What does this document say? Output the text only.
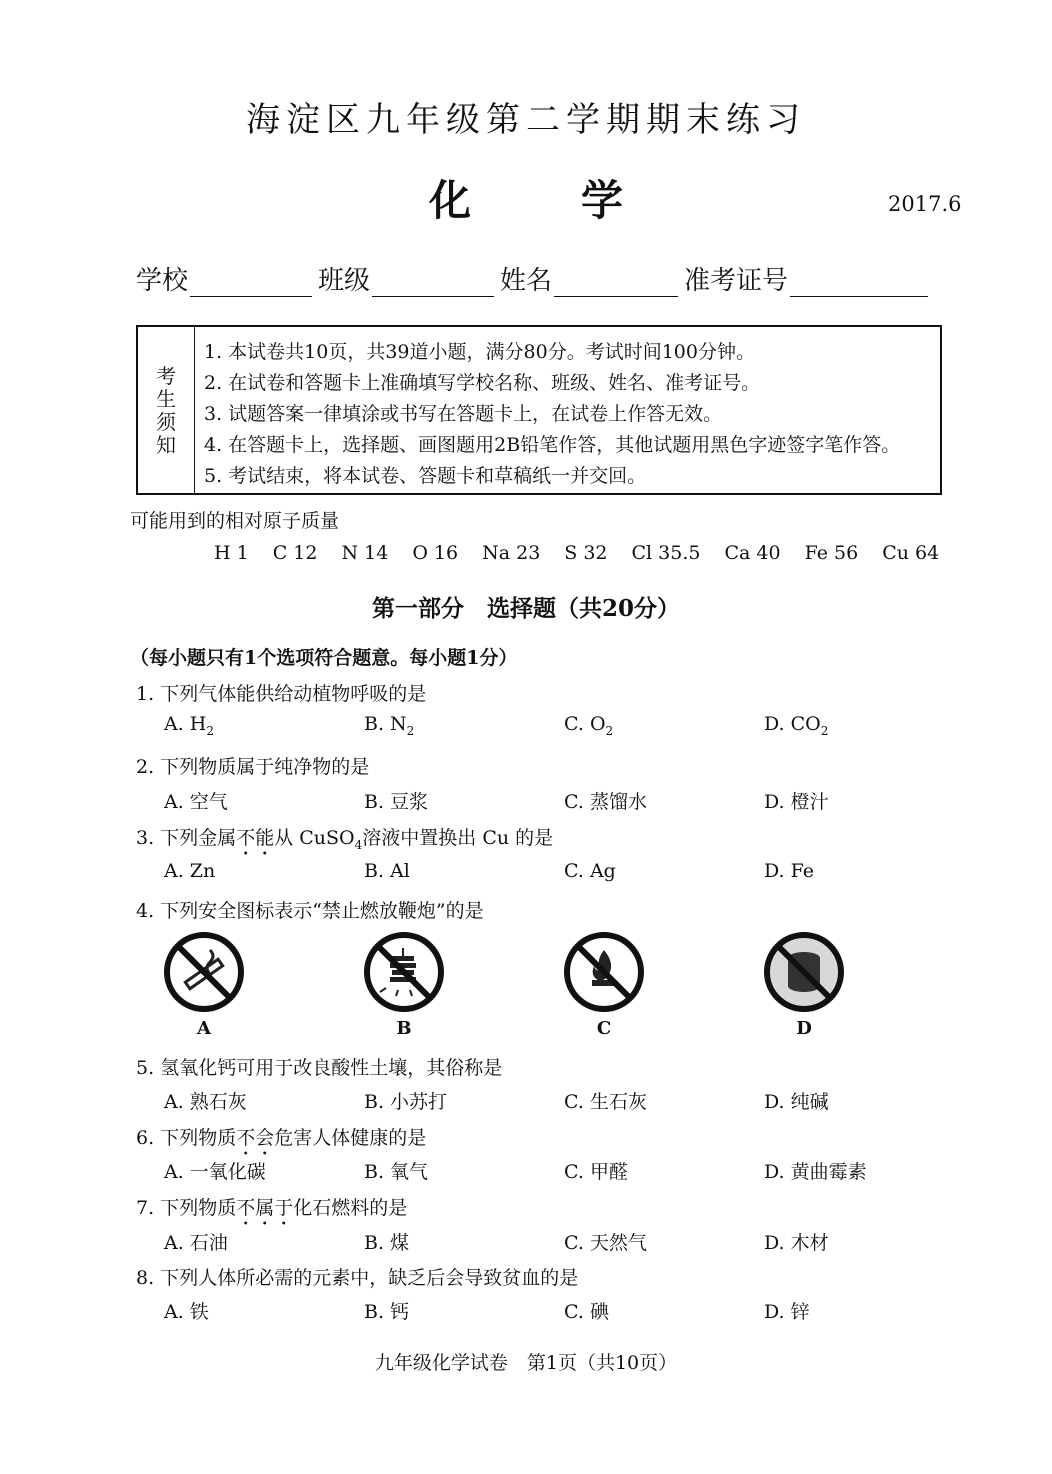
海淀区九年级第二学期期末练习
化	学	2017.6
学校	班级	姓名	准考证号
考生须知
1. 本试卷共10页，共39道小题，满分80分。考试时间100分钟。
2. 在试卷和答题卡上准确填写学校名称、班级、姓名、准考证号。
3. 试题答案一律填涂或书写在答题卡上，在试卷上作答无效。
4. 在答题卡上，选择题、画图题用2B铅笔作答，其他试题用黑色字迹签字笔作答。
5. 考试结束，将本试卷、答题卡和草稿纸一并交回。
可能用到的相对原子质量
H 1 C 12 N 14 O 16 Na 23 S 32 Cl 35.5 Ca 40 Fe 56 Cu 64
第一部分　选择题（共20分）
（每小题只有1个选项符合题意。每小题1分）
1. 下列气体能供给动植物呼吸的是
A. $H_2$	B. $N_2$	C. $O_2$	D. $CO_2$
2. 下列物质属于纯净物的是
A. 空气	B. 豆浆	C. 蒸馏水	D. 橙汁
3. 下列金属不能从 CuSO$_4$溶液中置换出 Cu 的是
A. Zn	B. Al	C. Ag	D. Fe
4. 下列安全图标表示“禁止燃放鞭炮”的是
A	B	C	D
5. 氢氧化钙可用于改良酸性土壤，其俗称是
A. 熟石灰	B. 小苏打	C. 生石灰	D. 纯碱
6. 下列物质不会危害人体健康的是
A. 一氧化碳	B. 氧气	C. 甲醛	D. 黄曲霉素
7. 下列物质不属于化石燃料的是
A. 石油	B. 煤	C. 天然气	D. 木材
8. 下列人体所必需的元素中，缺乏后会导致贫血的是
A. 铁	B. 钙	C. 碘	D. 锌
九年级化学试卷　第1页（共10页）
